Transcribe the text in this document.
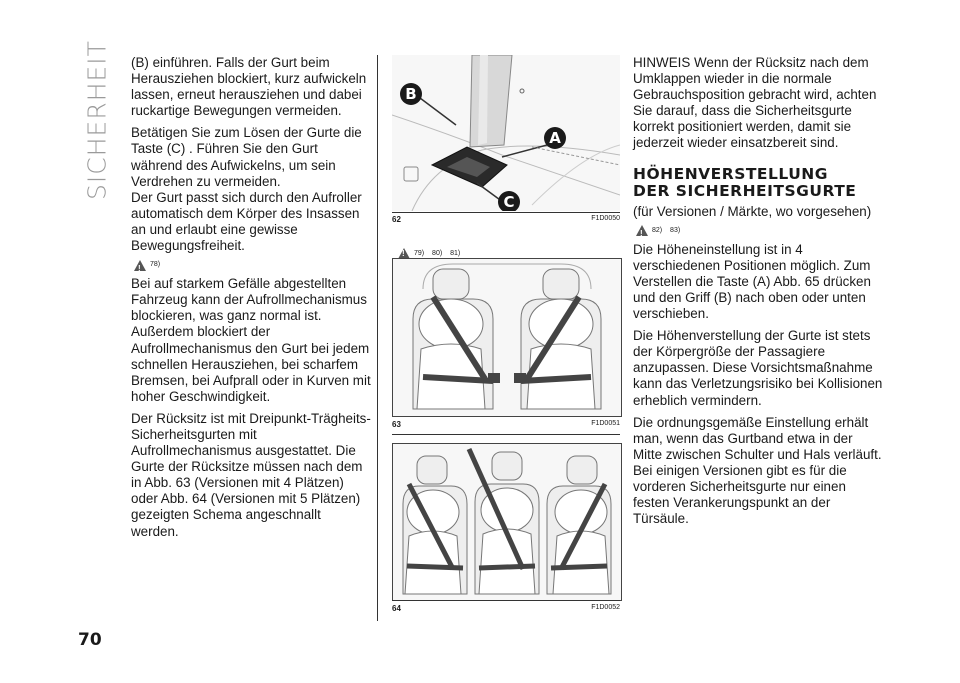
SICHERHEIT (B) einführen. Falls der Gurt beim Herausziehen blockiert, kurz aufwickeln lassen, erneut herausziehen und dabei ruckartige Bewegungen vermeiden.

Betätigen Sie zum Lösen der Gurte die Taste (C) . Führen Sie den Gurt während des Aufwickelns, um sein Verdrehen zu vermeiden.

Der Gurt passt sich durch den Aufroller automatisch dem Körper des Insassen an und erlaubt eine gewisse Bewegungsfreiheit.

!
78)

Bei auf starkem Gefälle abgestellten Fahrzeug kann der Aufrollmechanismus blockieren, was ganz normal ist. Außerdem blockiert der Aufrollmechanismus den Gurt bei jedem schnellen Herausziehen, bei scharfem Bremsen, bei Aufprall oder in Kurven mit hoher Geschwindigkeit.

Der Rücksitz ist mit Dreipunkt-Trägheits-Sicherheitsgurten mit Aufrollmechanismus ausgestattet. Die Gurte der Rücksitze müssen nach dem in Abb. 63 (Versionen mit 4 Plätzen) oder Abb. 64 (Versionen mit 5 Plätzen) gezeigten Schema angeschnallt werden.

B
A
C
62	F1D0050
!
79) 80) 81)
63	F1D0051
64	F1D0052

HINWEIS Wenn der Rücksitz nach dem Umklappen wieder in die normale Gebrauchsposition gebracht wird, achten Sie darauf, dass die Sicherheitsgurte korrekt positioniert werden, damit sie jederzeit wieder einsatzbereit sind.

HÖHENVERSTELLUNG
DER SICHERHEITSGURTE

(für Versionen / Märkte, wo vorgesehen)

!
82) 83)

Die Höheneinstellung ist in 4 verschiedenen Positionen möglich. Zum Verstellen die Taste (A) Abb. 65 drücken und den Griff (B) nach oben oder unten verschieben.

Die Höhenverstellung der Gurte ist stets der Körpergröße der Passagiere anzupassen. Diese Vorsichtsmaßnahme kann das Verletzungsrisiko bei Kollisionen erheblich vermindern.

Die ordnungsgemäße Einstellung erhält man, wenn das Gurtband etwa in der Mitte zwischen Schulter und Hals verläuft. Bei einigen Versionen gibt es für die vorderen Sicherheitsgurte nur einen festen Verankerungspunkt an der Türsäule.

70
